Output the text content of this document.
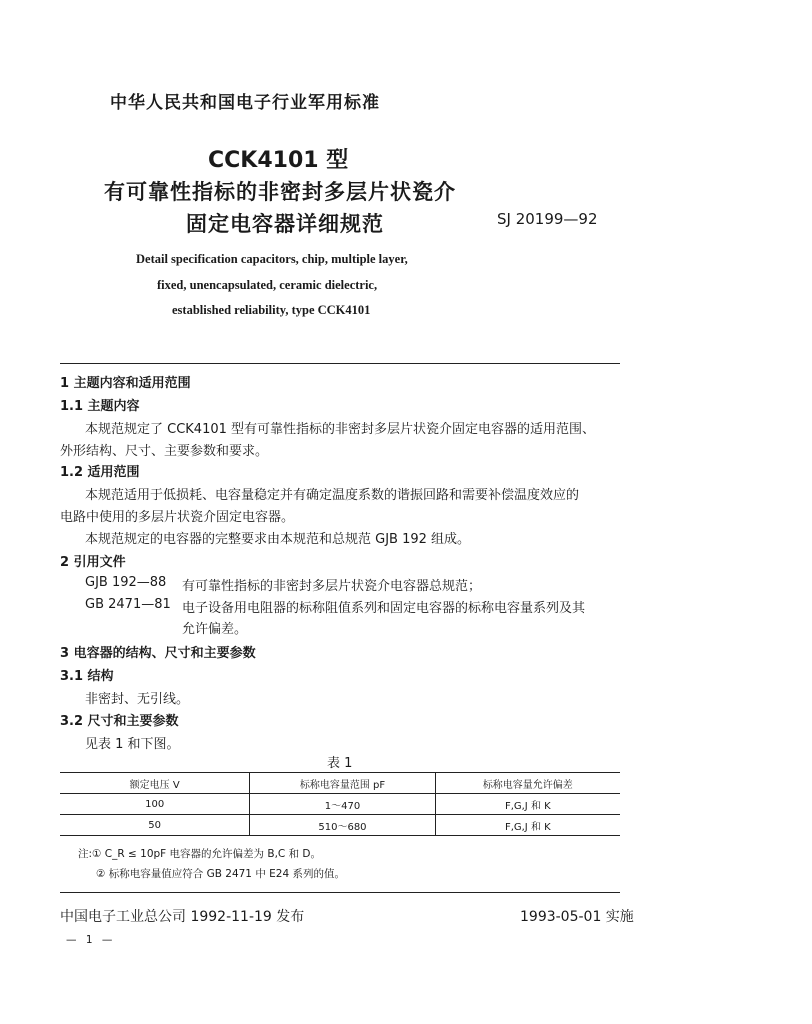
中华人民共和国电子行业军用标准
CCK4101 型
有可靠性指标的非密封多层片状瓷介
固定电容器详细规范	SJ 20199—92
Detail specification capacitors, chip, multiple layer,
fixed, unencapsulated, ceramic dielectric,
established reliability, type CCK4101
1 主题内容和适用范围
1.1 主题内容
本规范规定了 CCK4101 型有可靠性指标的非密封多层片状瓷介固定电容器的适用范围、
外形结构、尺寸、主要参数和要求。
1.2 适用范围
本规范适用于低损耗、电容量稳定并有确定温度系数的谐振回路和需要补偿温度效应的
电路中使用的多层片状瓷介固定电容器。
本规范规定的电容器的完整要求由本规范和总规范 GJB 192 组成。
2 引用文件
GJB 192—88 有可靠性指标的非密封多层片状瓷介电容器总规范；
GB 2471—81 电子设备用电阻器的标称阻值系列和固定电容器的标称电容量系列及其
允许偏差。
3 电容器的结构、尺寸和主要参数
3.1 结构
非密封、无引线。
3.2 尺寸和主要参数
见表 1 和下图。
表 1
额定电压 V	标称电容量范围 pF	标称电容量允许偏差
100	1～470	F,G,J 和 K
50	510～680	F,G,J 和 K
注:① C_R ≤ 10pF 电容器的允许偏差为 B,C 和 D。
② 标称电容量值应符合 GB 2471 中 E24 系列的值。
中国电子工业总公司 1992-11-19 发布	1993-05-01 实施
— 1 —
